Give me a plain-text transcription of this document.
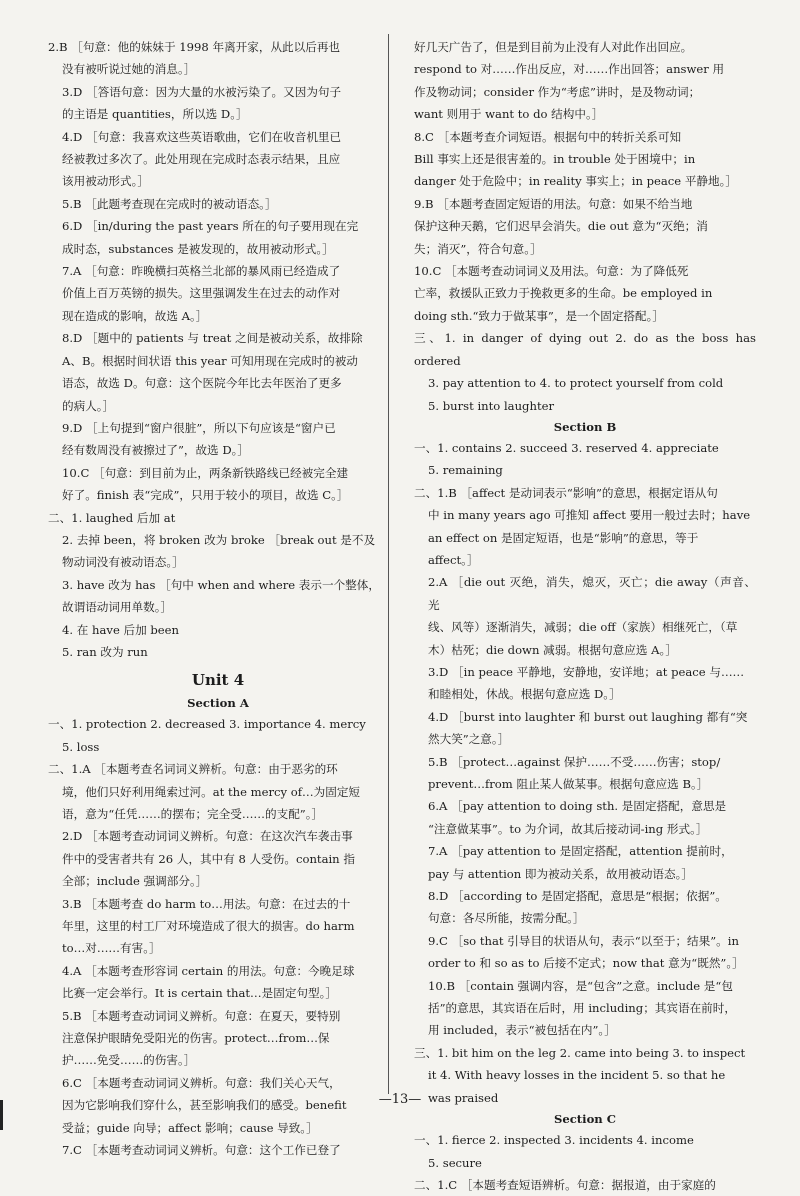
2.B ［句意：他的妹妹于 1998 年离开家，从此以后再也
没有被听说过她的消息。］
3.D ［答语句意：因为大量的水被污染了。又因为句子
的主语是 quantities，所以选 D。］
4.D ［句意：我喜欢这些英语歌曲，它们在收音机里已
经被教过多次了。此处用现在完成时态表示结果，且应
该用被动形式。］
5.B ［此题考查现在完成时的被动语态。］
6.D ［in/during the past years 所在的句子要用现在完
成时态，substances 是被发现的，故用被动形式。］
7.A ［句意：昨晚横扫英格兰北部的暴风雨已经造成了
价值上百万英镑的损失。这里强调发生在过去的动作对
现在造成的影响，故选 A。］
8.D ［题中的 patients 与 treat 之间是被动关系，故排除
A、B。根据时间状语 this year 可知用现在完成时的被动
语态，故选 D。句意：这个医院今年比去年医治了更多
的病人。］
9.D ［上句提到“窗户很脏”，所以下句应该是“窗户已
经有数周没有被擦过了”，故选 D。］
10.C ［句意：到目前为止，两条新铁路线已经被完全建
好了。finish 表“完成”，只用于较小的项目，故选 C。］
二、1. laughed 后加 at
2. 去掉 been，将 broken 改为 broke ［break out 是不及
物动词没有被动语态。］
3. have 改为 has ［句中 when and where 表示一个整体，
故谓语动词用单数。］
4. 在 have 后加 been
5. ran 改为 run
Unit 4
Section A
一、1. protection 2. decreased 3. importance 4. mercy
5. loss
二、1.A ［本题考查名词词义辨析。句意：由于恶劣的环
境，他们只好利用绳索过河。at the mercy of…为固定短
语，意为“任凭……的摆布；完全受……的支配”。］
2.D ［本题考查动词词义辨析。句意：在这次汽车袭击事
件中的受害者共有 26 人，其中有 8 人受伤。contain 指
全部；include 强调部分。］
3.B ［本题考查 do harm to…用法。句意：在过去的十
年里，这里的村工厂对环境造成了很大的损害。do harm
to…对……有害。］
4.A ［本题考查形容词 certain 的用法。句意：今晚足球
比赛一定会举行。It is certain that…是固定句型。］
5.B ［本题考查动词词义辨析。句意：在夏天，要特别
注意保护眼睛免受阳光的伤害。protect…from…保
护……免受……的伤害。］
6.C ［本题考查动词词义辨析。句意：我们关心天气，
因为它影响我们穿什么，甚至影响我们的感受。benefit
受益；guide 向导；affect 影响；cause 导致。］
7.C ［本题考查动词词义辨析。句意：这个工作已登了
好几天广告了，但是到目前为止没有人对此作出回应。
respond to 对……作出反应，对……作出回答；answer 用
作及物动词；consider 作为“考虑”讲时，是及物动词；
want 则用于 want to do 结构中。］
8.C ［本题考查介词短语。根据句中的转折关系可知
Bill 事实上还是很害羞的。in trouble 处于困境中；in
danger 处于危险中；in reality 事实上；in peace 平静地。］
9.B ［本题考查固定短语的用法。句意：如果不给当地
保护这种天鹅，它们迟早会消失。die out 意为“灭绝；消
失；消灭”，符合句意。］
10.C ［本题考查动词词义及用法。句意：为了降低死
亡率，救援队正致力于挽救更多的生命。be employed in
doing sth.“致力于做某事”，是一个固定搭配。］
三、1. in danger of dying out 2. do as the boss has ordered
3. pay attention to 4. to protect yourself from cold
5. burst into laughter
Section B
一、1. contains 2. succeed 3. reserved 4. appreciate
5. remaining
二、1.B ［affect 是动词表示“影响”的意思，根据定语从句
中 in many years ago 可推知 affect 要用一般过去时；have
an effect on 是固定短语，也是“影响”的意思，等于
affect。］
2.A ［die out 灭绝，消失，熄灭，灭亡；die away（声音、光
线、风等）逐渐消失，减弱；die off（家族）相继死亡，（草
木）枯死；die down 减弱。根据句意应选 A。］
3.D ［in peace 平静地，安静地，安详地；at peace 与……
和睦相处，休战。根据句意应选 D。］
4.D ［burst into laughter 和 burst out laughing 都有“突
然大笑”之意。］
5.B ［protect…against 保护……不受……伤害；stop/
prevent…from 阻止某人做某事。根据句意应选 B。］
6.A ［pay attention to doing sth. 是固定搭配，意思是
“注意做某事”。to 为介词，故其后接动词-ing 形式。］
7.A ［pay attention to 是固定搭配，attention 提前时，
pay 与 attention 即为被动关系，故用被动语态。］
8.D ［according to 是固定搭配，意思是“根据；依据”。
句意：各尽所能，按需分配。］
9.C ［so that 引导目的状语从句，表示“以至于；结果”。in
order to 和 so as to 后接不定式；now that 意为“既然”。］
10.B ［contain 强调内容，是“包含”之意。include 是“包
括”的意思，其宾语在后时，用 including；其宾语在前时，
用 included，表示“被包括在内”。］
三、1. bit him on the leg 2. came into being 3. to inspect
it 4. With heavy losses in the incident 5. so that he
was praised
Section C
一、1. fierce 2. inspected 3. incidents 4. income
5. secure
二、1.C ［本题考查短语辨析。句意：据报道，由于家庭的
—13—
